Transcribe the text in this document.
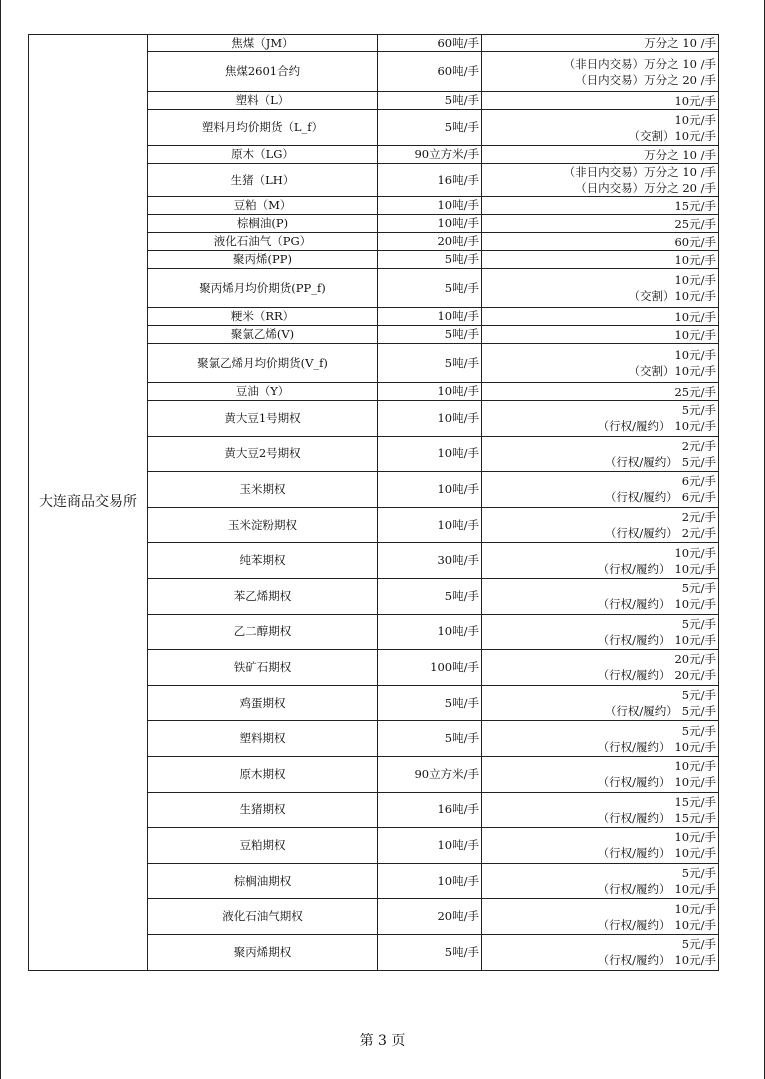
大连商品交易所	焦煤（JM）	60吨/手	万分之 10 /手

	焦煤2601合约	60吨/手	（非日内交易）万分之 10 /手
（日内交易）万分之 20 /手

	塑料（L）	5吨/手	10元/手

	塑料月均价期货（L_f）	5吨/手	10元/手
（交割）10元/手

	原木（LG）	90立方米/手	万分之 10 /手

	生猪（LH）	16吨/手	（非日内交易）万分之 10 /手
（日内交易）万分之 20 /手

	豆粕（M）	10吨/手	15元/手

	棕榈油(P)	10吨/手	25元/手

	液化石油气（PG）	20吨/手	60元/手

	聚丙烯(PP)	5吨/手	10元/手

	聚丙烯月均价期货(PP_f)	5吨/手	10元/手
（交割）10元/手

	粳米（RR）	10吨/手	10元/手

	聚氯乙烯(V)	5吨/手	10元/手

	聚氯乙烯月均价期货(V_f)	5吨/手	10元/手
（交割）10元/手

	豆油（Y）	10吨/手	25元/手

	黄大豆1号期权	10吨/手	5元/手
（行权/履约） 10元/手

	黄大豆2号期权	10吨/手	2元/手
（行权/履约） 5元/手

	玉米期权	10吨/手	6元/手
（行权/履约） 6元/手

	玉米淀粉期权	10吨/手	2元/手
（行权/履约） 2元/手

	纯苯期权	30吨/手	10元/手
（行权/履约） 10元/手

	苯乙烯期权	5吨/手	5元/手
（行权/履约） 10元/手

	乙二醇期权	10吨/手	5元/手
（行权/履约） 10元/手

	铁矿石期权	100吨/手	20元/手
（行权/履约） 20元/手

	鸡蛋期权	5吨/手	5元/手
（行权/履约） 5元/手

	塑料期权	5吨/手	5元/手
（行权/履约） 10元/手

	原木期权	90立方米/手	10元/手
（行权/履约） 10元/手

	生猪期权	16吨/手	15元/手
（行权/履约） 15元/手

	豆粕期权	10吨/手	10元/手
（行权/履约） 10元/手

	棕榈油期权	10吨/手	5元/手
（行权/履约） 10元/手

	液化石油气期权	20吨/手	10元/手
（行权/履约） 10元/手

	聚丙烯期权	5吨/手	5元/手
（行权/履约） 10元/手
第 3 页
